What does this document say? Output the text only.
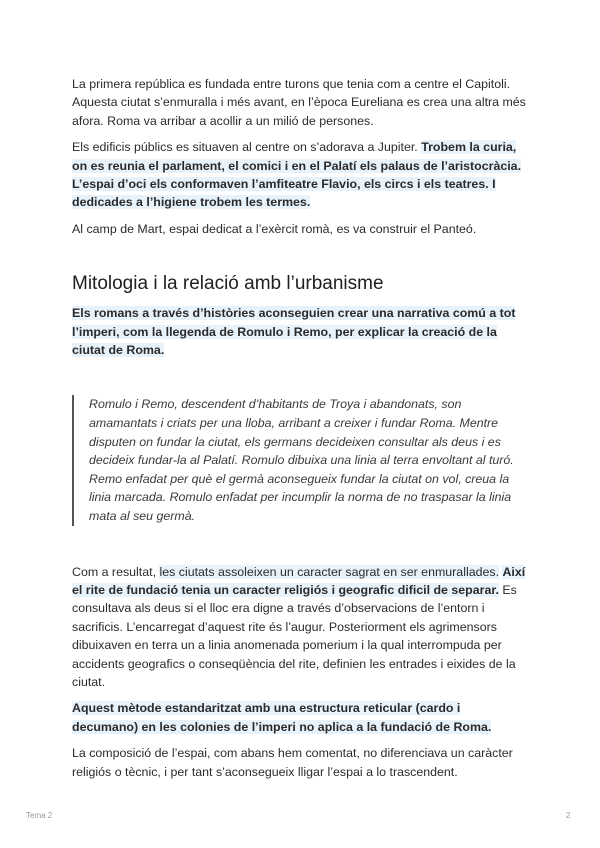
La primera república es fundada entre turons que tenia com a centre el Capitoli. Aquesta ciutat s’enmuralla i més avant, en l’època Eureliana es crea una altra més afora. Roma va arribar a acollir a un milió de persones.

Els edificis públics es situaven al centre on s’adorava a Jupiter. Trobem la curia, on es reunia el parlament, el comici i en el Palatí els palaus de l’aristocràcia. L’espai d’oci els conformaven l’amfiteatre Flavio, els circs i els teatres. I dedicades a l’higiene trobem les termes.

Al camp de Mart, espai dedicat a l’exèrcit romà, es va construir el Panteó.

Mitologia i la relació amb l’urbanisme

Els romans a través d’històries aconseguien crear una narrativa comú a tot l’imperi, com la llegenda de Romulo i Remo, per explicar la creació de la ciutat de Roma.

Romulo i Remo, descendent d’habitants de Troya i abandonats, son amamantats i criats per una lloba, arribant a creixer i fundar Roma. Mentre disputen on fundar la ciutat, els germans decideixen consultar als deus i es decideix fundar-la al Palatí. Romulo dibuixa una linia al terra envoltant al turó. Remo enfadat per què el germà aconsegueix fundar la ciutat on vol, creua la linia marcada. Romulo enfadat per incumplir la norma de no traspasar la linia mata al seu germà.

Com a resultat, les ciutats assoleixen un caracter sagrat en ser enmurallades. Així el rite de fundació tenia un caracter religiós i geografic dificil de separar. Es consultava als deus si el lloc era digne a través d’observacions de l’entorn i sacrificis. L’encarregat d’aquest rite és l’augur. Posteriorment els agrimensors dibuixaven en terra un a linia anomenada pomerium i la qual interrompuda per accidents geografics o conseqüència del rite, definien les entrades i eixides de la ciutat.

Aquest mètode estandaritzat amb una estructura reticular (cardo i decumano) en les colonies de l’imperi no aplica a la fundació de Roma.

La composició de l’espai, com abans hem comentat, no diferenciava un caràcter religiós o tècnic, i per tant s’aconsegueix lligar l’espai a lo trascendent.

Tema 2	2
